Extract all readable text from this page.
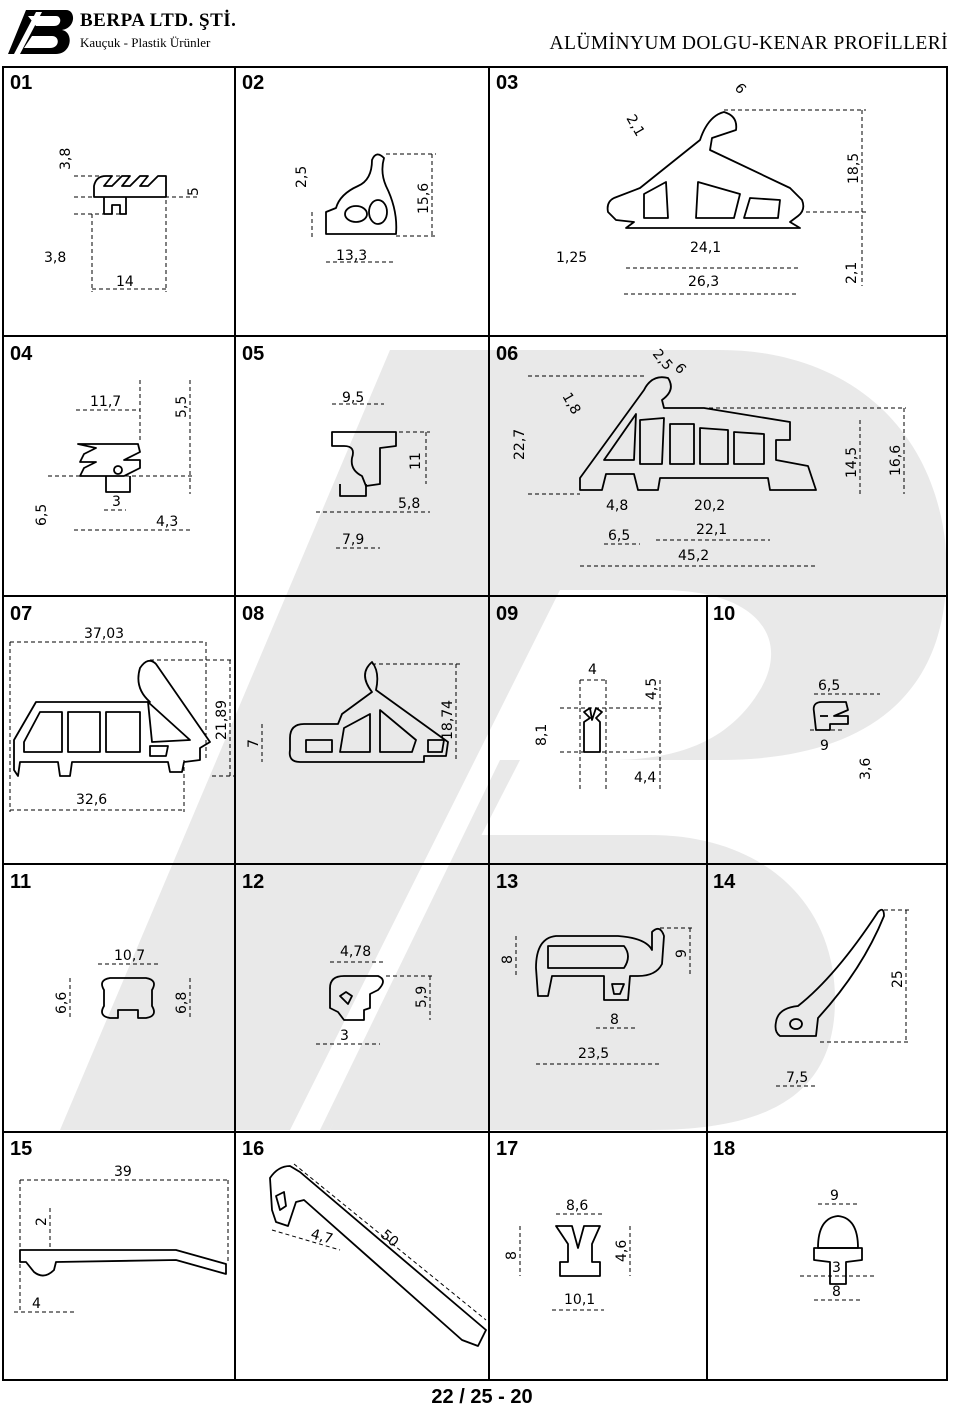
BERPA LTD. ŞTİ.
Kauçuk - Plastik Ürünler	ALÜMİNYUM DOLGU-KENAR PROFİLLERİ
01	02	03
04	05	06
07	08	09	10
11	12	13	14
15	16	17	18
3,8
5
3,8
14
2,5
15,6
13,3
2,1
6
18,5
1,25
24,1
26,3	2,1
11,7	5,5
6,5
3
4,3
9,5
11
5,8
7,9
2,5
6
1,8
22,7
14,5 16,6
4,8	20,2
6,5	22,1
45,2
37,03
21,89
32,6
7
18,74
4
4,5
8,1
4,4
6,5
9
3,6
10,7
6,6	6,8
4,78
5,9
3
8
9
8
23,5
25
7,5
39
2
4
50
4,7
8,6
8	4,6
10,1
9
3
8
22 / 25 - 20
